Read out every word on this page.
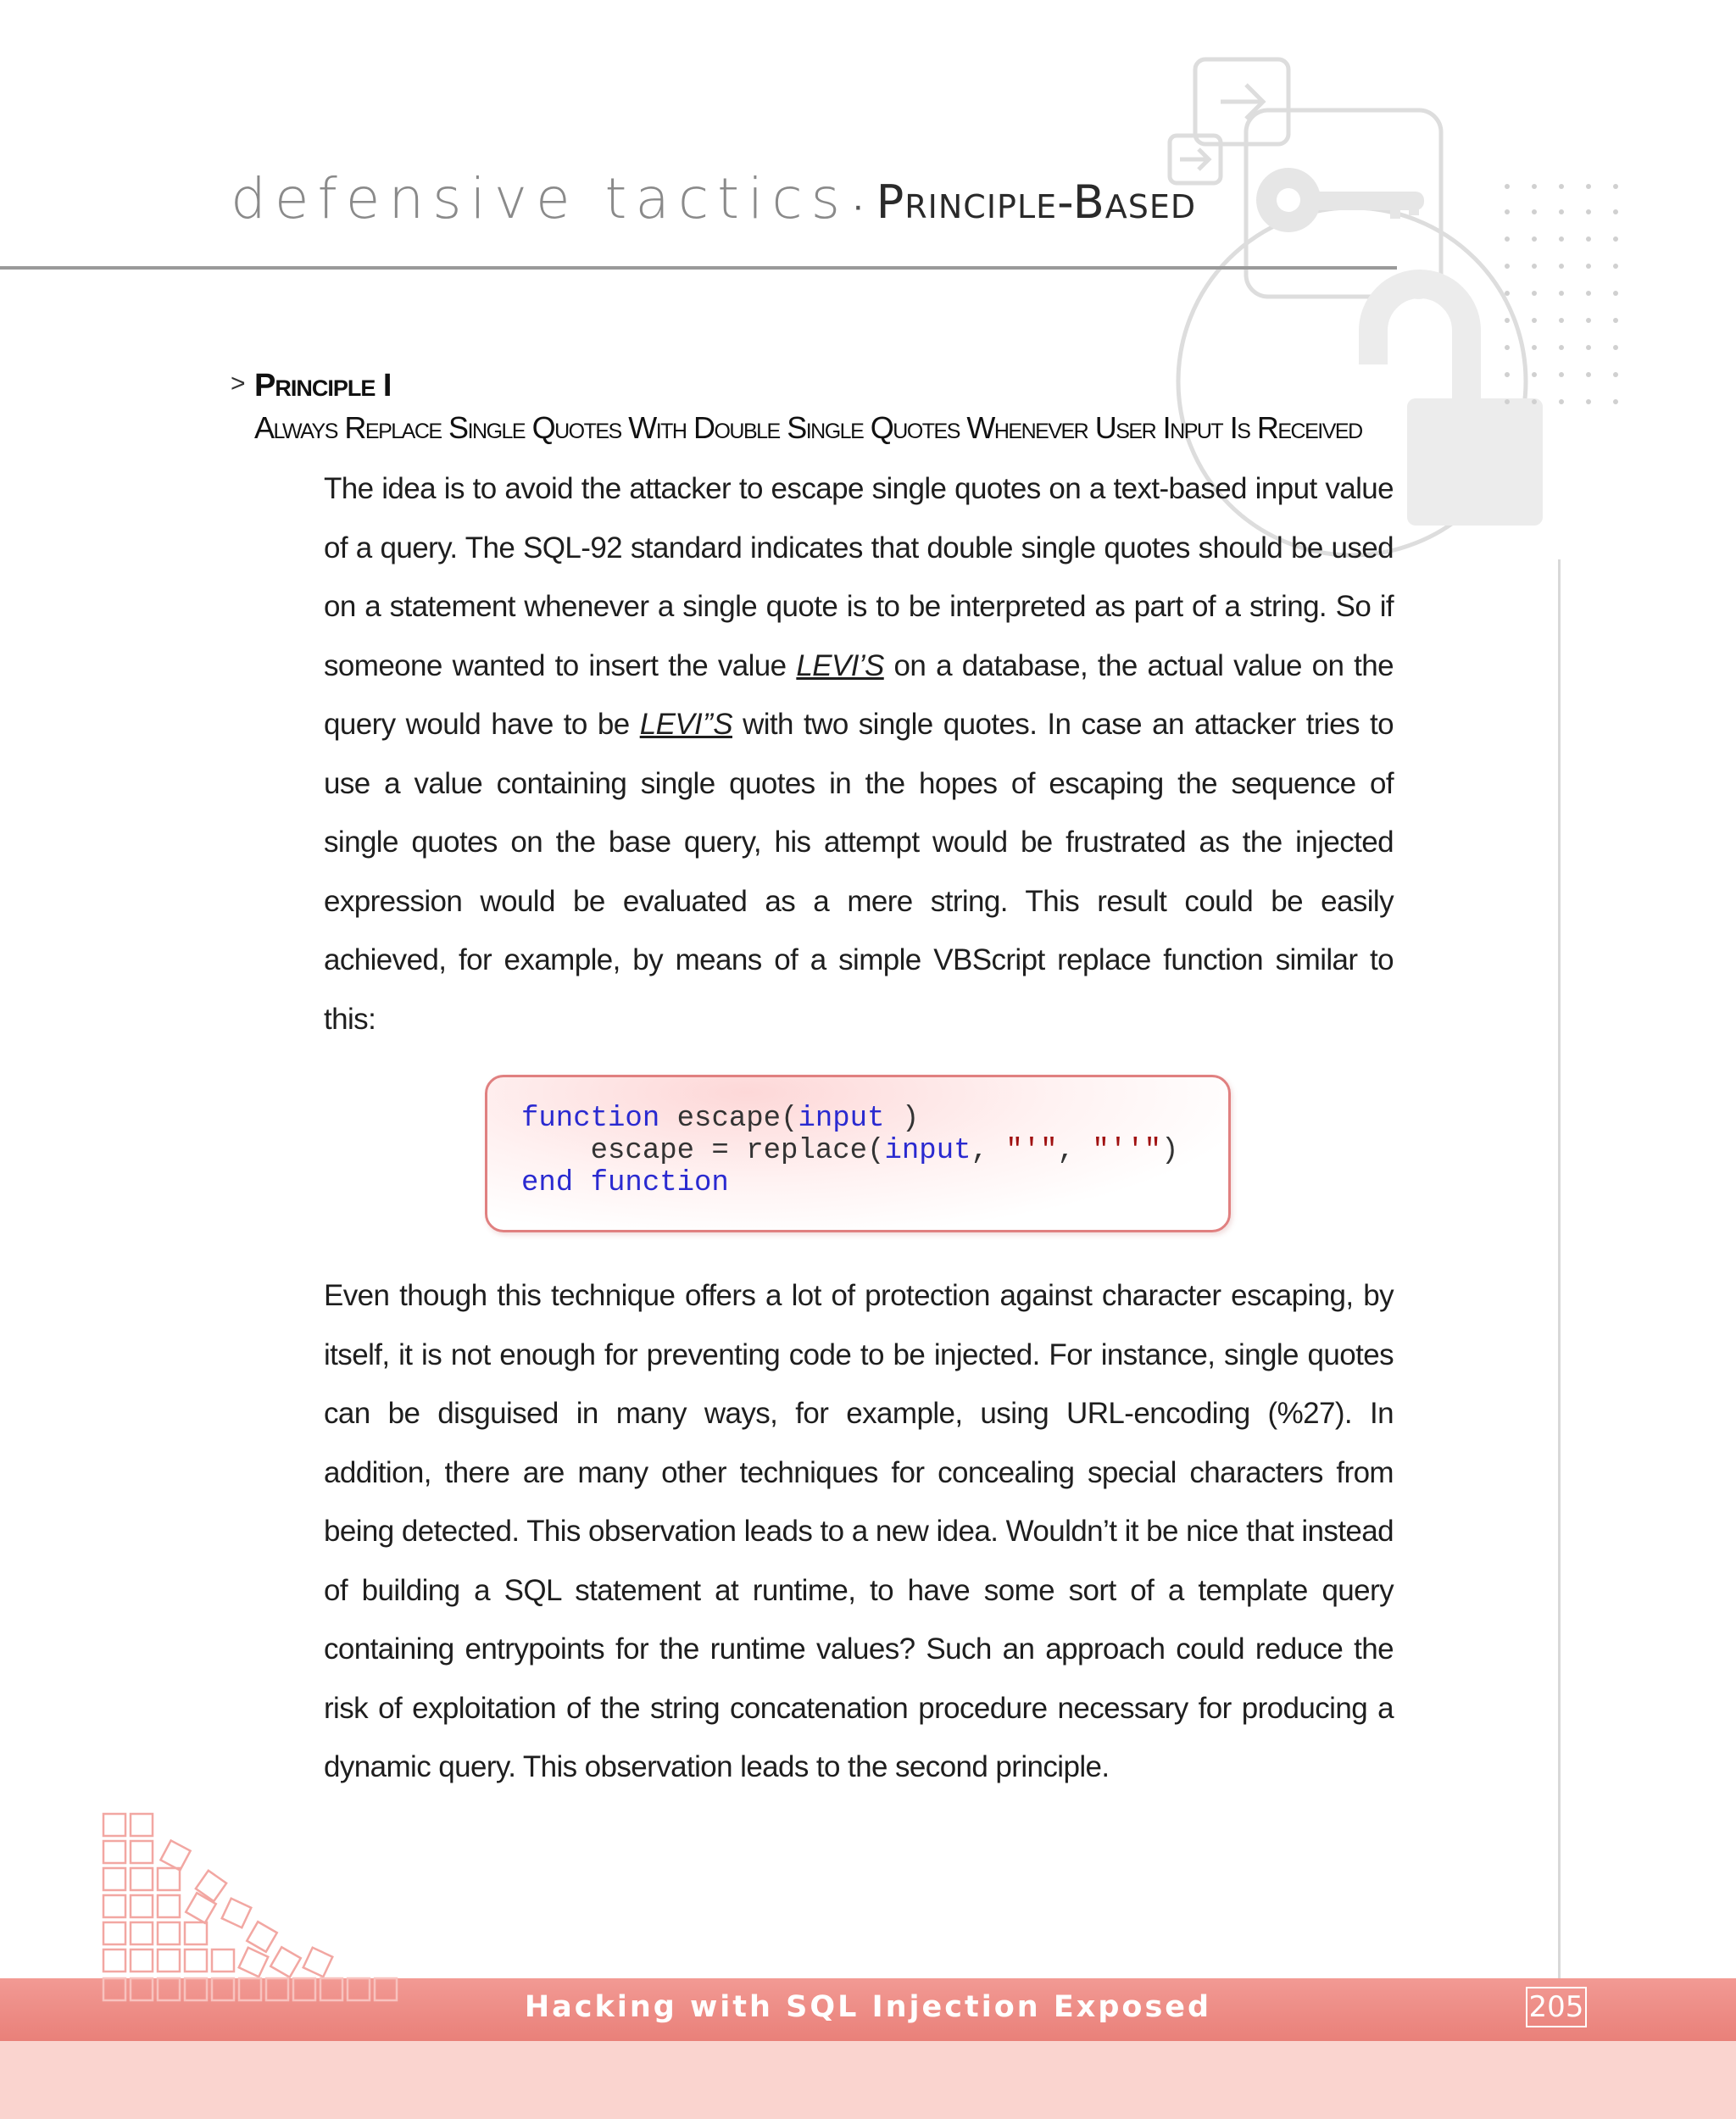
defensive tactics · Principle-Based
> Principle I
Always Replace Single Quotes With Double Single Quotes Whenever User Input Is Received
The idea is to avoid the attacker to escape single quotes on a text-based input value of a query. The SQL-92 standard indicates that double single quotes should be used on a statement whenever a single quote is to be interpreted as part of a string. So if someone wanted to insert the value LEVI’S on a database, the actual value on the query would have to be LEVI’’S with two single quotes. In case an attacker tries to use a value containing single quotes in the hopes of escaping the sequence of single quotes on the base query, his attempt would be frustrated as the injected expression would be evaluated as a mere string. This result could be easily achieved, for example, by means of a simple VBScript replace function similar to this:
function escape(input )
escape = replace(input, "'", "''")
end function
Even though this technique offers a lot of protection against character escaping, by itself, it is not enough for preventing code to be injected. For instance, single quotes can be disguised in many ways, for example, using URL-encoding (%27). In addition, there are many other techniques for concealing special characters from being detected. This observation leads to a new idea. Wouldn’t it be nice that instead of building a SQL statement at runtime, to have some sort of a template query containing entrypoints for the runtime values? Such an approach could reduce the risk of exploitation of the string concatenation procedure necessary for producing a dynamic query. This observation leads to the second principle.
Hacking with SQL Injection Exposed	205
